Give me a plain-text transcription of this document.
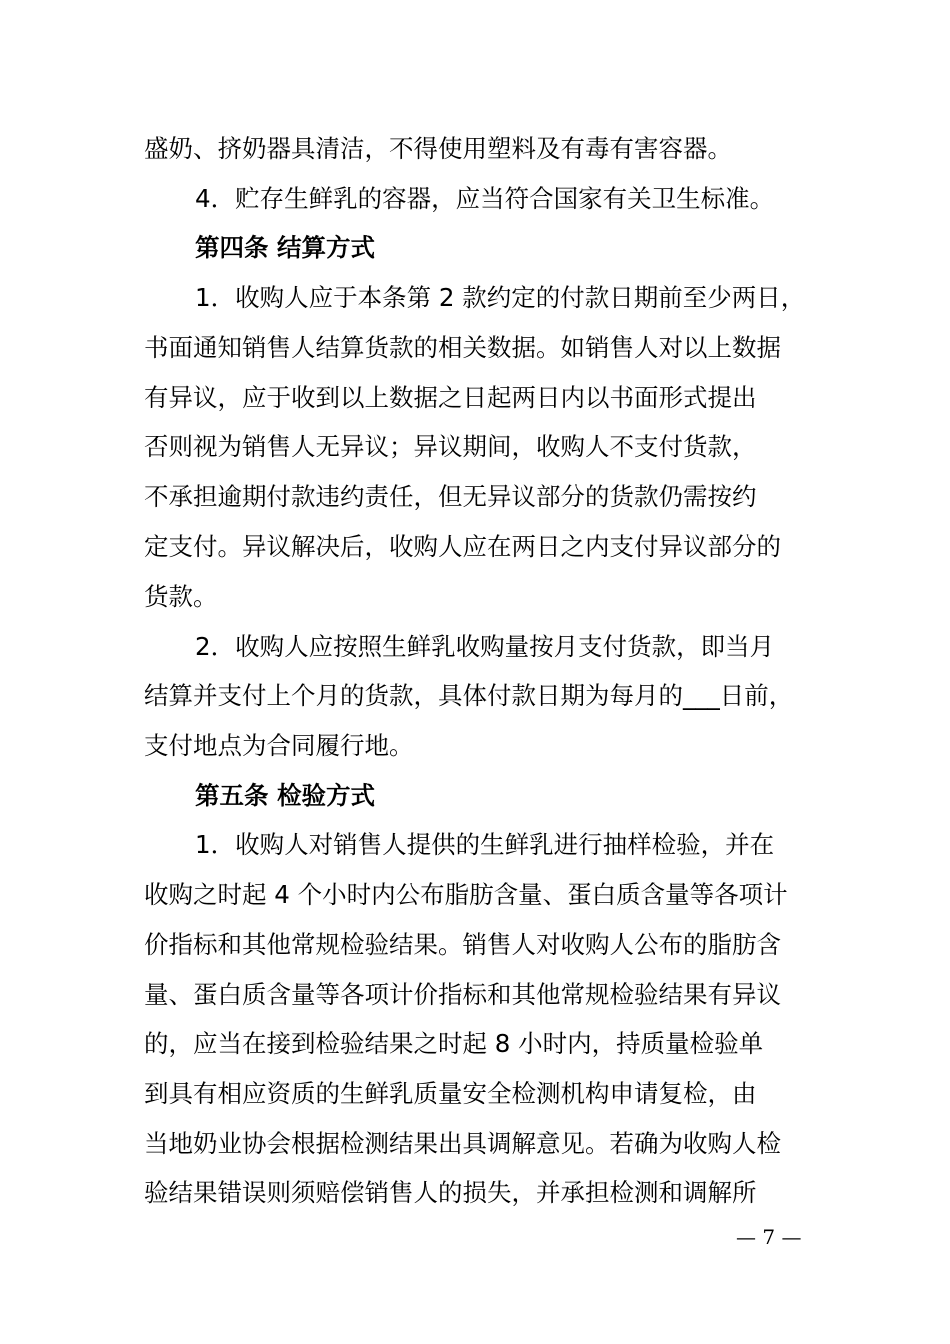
盛奶、挤奶器具清洁，不得使用塑料及有毒有害容器。

4．贮存生鲜乳的容器，应当符合国家有关卫生标准。

第四条 结算方式

1．收购人应于本条第 2 款约定的付款日期前至少两日，

书面通知销售人结算货款的相关数据。如销售人对以上数据

有异议，应于收到以上数据之日起两日内以书面形式提出

否则视为销售人无异议；异议期间，收购人不支付货款，

不承担逾期付款违约责任，但无异议部分的货款仍需按约

定支付。异议解决后，收购人应在两日之内支付异议部分的

货款。

2．收购人应按照生鲜乳收购量按月支付货款，即当月

结算并支付上个月的货款，具体付款日期为每月的___日前，

支付地点为合同履行地。

第五条 检验方式

1．收购人对销售人提供的生鲜乳进行抽样检验，并在

收购之时起 4 个小时内公布脂肪含量、蛋白质含量等各项计

价指标和其他常规检验结果。销售人对收购人公布的脂肪含

量、蛋白质含量等各项计价指标和其他常规检验结果有异议

的，应当在接到检验结果之时起 8 小时内，持质量检验单

到具有相应资质的生鲜乳质量安全检测机构申请复检，由

当地奶业协会根据检测结果出具调解意见。若确为收购人检

验结果错误则须赔偿销售人的损失，并承担检测和调解所

— 7 —
